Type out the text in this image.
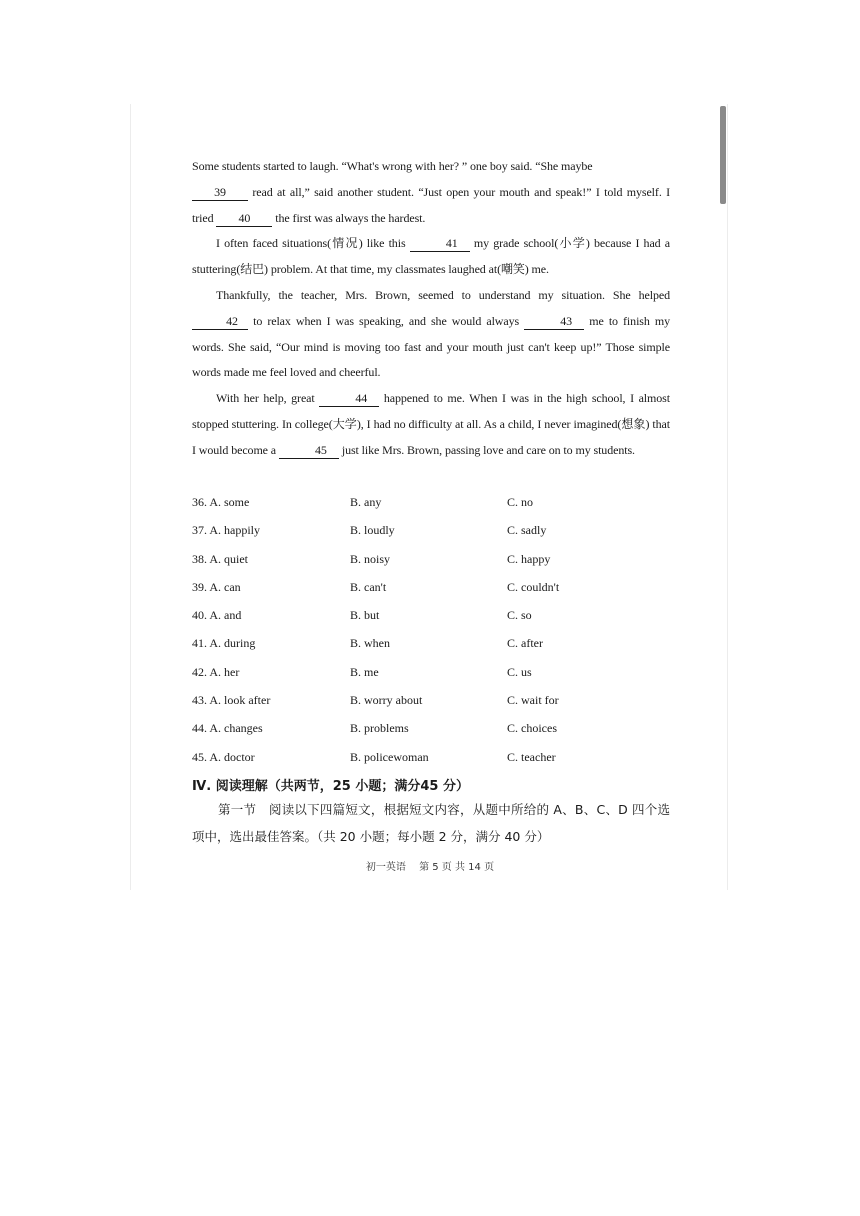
Some students started to laugh. “What's wrong with her? ” one boy said. “She maybe
39 read at all,” said another student. “Just open your mouth and speak!” I told myself. I tried 40 the first was always the hardest.

I often faced situations(情况) like this	41 my grade school(小学) because I had a stuttering(结巴) problem. At that time, my classmates laughed at(嘲笑) me.

Thankfully, the teacher, Mrs. Brown, seemed to understand my situation. She helped 42 to relax when I was speaking, and she would always	43 me to finish my words. She said, “Our mind is moving too fast and your mouth just can't keep up!” Those simple words made me feel loved and cheerful.

With her help, great	44 happened to me. When I was in the high school, I almost stopped stuttering. In college(大学), I had no difficulty at all. As a child, I never imagined(想象) that I would become a	45 just like Mrs. Brown, passing love and care on to my students.

36. A. some	B. any	C. no
37. A. happily	B. loudly	C. sadly
38. A. quiet	B. noisy	C. happy
39. A. can	B. can't	C. couldn't
40. A. and	B. but	C. so
41. A. during	B. when	C. after
42. A. her	B. me	C. us
43. A. look after	B. worry about	C. wait for
44. A. changes	B. problems	C. choices
45. A. doctor	B. policewoman	C. teacher
Ⅳ. 阅读理解（共两节，25 小题；满分45 分）
第一节　阅读以下四篇短文，根据短文内容，从题中所给的 A、B、C、D 四个选项中，选出最佳答案。（共 20 小题；每小题 2 分，满分 40 分）
初一英语　 第 5 页 共 14 页
